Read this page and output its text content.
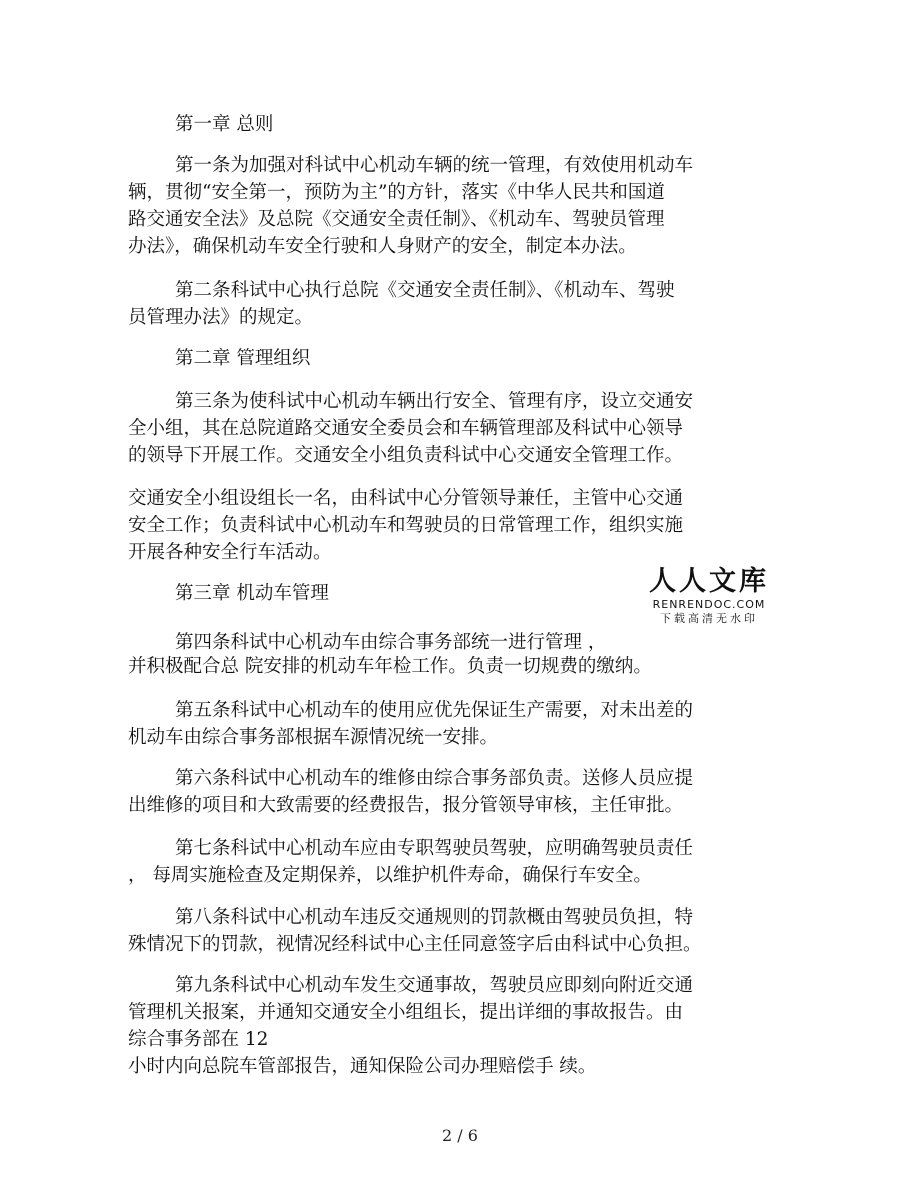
第一章 总则
第一条为加强对科试中心机动车辆的统一管理，有效使用机动车
辆，贯彻“安全第一，预防为主”的方针，落实《中华人民共和国道
路交通安全法》及总院《交通安全责任制》、《机动车、驾驶员管理
办法》，确保机动车安全行驶和人身财产的安全，制定本办法。
第二条科试中心执行总院《交通安全责任制》、《机动车、驾驶
员管理办法》的规定。
第二章 管理组织
第三条为使科试中心机动车辆出行安全、管理有序，设立交通安
全小组，其在总院道路交通安全委员会和车辆管理部及科试中心领导
的领导下开展工作。交通安全小组负责科试中心交通安全管理工作。
交通安全小组设组长一名，由科试中心分管领导兼任，主管中心交通
安全工作；负责科试中心机动车和驾驶员的日常管理工作，组织实施
开展各种安全行车活动。
第三章 机动车管理
第四条科试中心机动车由综合事务部统一进行管理 ，
并积极配合总 院安排的机动车年检工作。负责一切规费的缴纳。
第五条科试中心机动车的使用应优先保证生产需要，对未出差的
机动车由综合事务部根据车源情况统一安排。
第六条科试中心机动车的维修由综合事务部负责。送修人员应提
出维修的项目和大致需要的经费报告，报分管领导审核，主任审批。
第七条科试中心机动车应由专职驾驶员驾驶，应明确驾驶员责任
， 每周实施检查及定期保养，以维护机件寿命，确保行车安全。
第八条科试中心机动车违反交通规则的罚款概由驾驶员负担，特
殊情况下的罚款，视情况经科试中心主任同意签字后由科试中心负担。
第九条科试中心机动车发生交通事故，驾驶员应即刻向附近交通
管理机关报案，并通知交通安全小组组长，提出详细的事故报告。由
综合事务部在 12
小时内向总院车管部报告，通知保险公司办理赔偿手 续。
人人文库
RENRENDOC.COM
下载高清无水印
2 / 6
